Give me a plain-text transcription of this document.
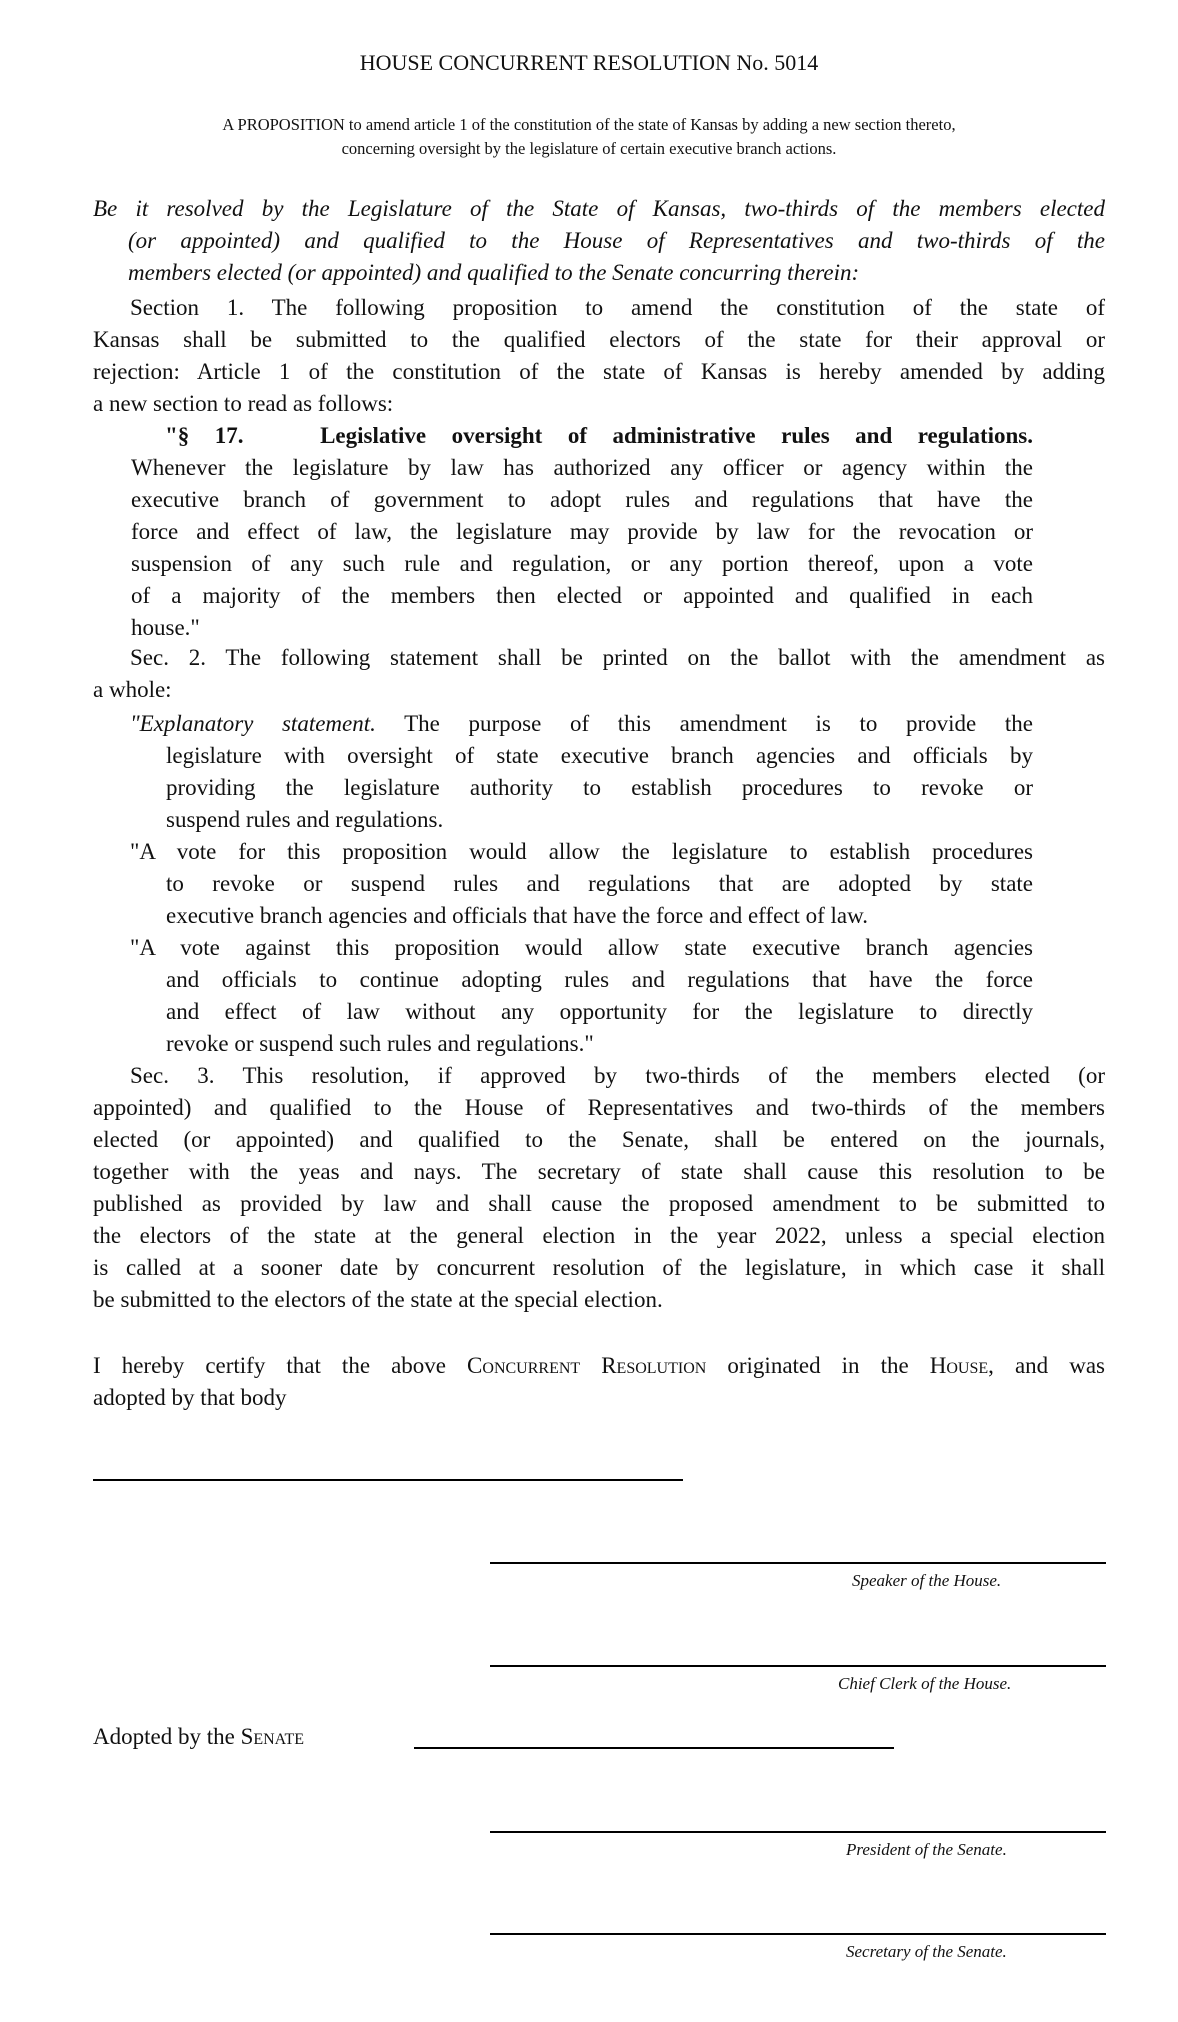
HOUSE CONCURRENT RESOLUTION No. 5014
A PROPOSITION to amend article 1 of the constitution of the state of Kansas by adding a new section thereto,
concerning oversight by the legislature of certain executive branch actions.
Be it resolved by the Legislature of the State of Kansas, two-thirds of the members elected
(or appointed) and qualified to the House of Representatives and two-thirds of the
members elected (or appointed) and qualified to the Senate concurring therein:
Section 1. The following proposition to amend the constitution of the state of
Kansas shall be submitted to the qualified electors of the state for their approval or
rejection: Article 1 of the constitution of the state of Kansas is hereby amended by adding
a new section to read as follows:
"§ 17.	Legislative oversight of administrative rules and regulations.
Whenever the legislature by law has authorized any officer or agency within the
executive branch of government to adopt rules and regulations that have the
force and effect of law, the legislature may provide by law for the revocation or
suspension of any such rule and regulation, or any portion thereof, upon a vote
of a majority of the members then elected or appointed and qualified in each
house."
Sec. 2. The following statement shall be printed on the ballot with the amendment as
a whole:
"Explanatory statement. The purpose of this amendment is to provide the
legislature with oversight of state executive branch agencies and officials by
providing the legislature authority to establish procedures to revoke or
suspend rules and regulations.
"A vote for this proposition would allow the legislature to establish procedures
to revoke or suspend rules and regulations that are adopted by state
executive branch agencies and officials that have the force and effect of law.
"A vote against this proposition would allow state executive branch agencies
and officials to continue adopting rules and regulations that have the force
and effect of law without any opportunity for the legislature to directly
revoke or suspend such rules and regulations."
Sec. 3. This resolution, if approved by two-thirds of the members elected (or
appointed) and qualified to the House of Representatives and two-thirds of the members
elected (or appointed) and qualified to the Senate, shall be entered on the journals,
together with the yeas and nays. The secretary of state shall cause this resolution to be
published as provided by law and shall cause the proposed amendment to be submitted to
the electors of the state at the general election in the year 2022, unless a special election
is called at a sooner date by concurrent resolution of the legislature, in which case it shall
be submitted to the electors of the state at the special election.
I hereby certify that the above Concurrent Resolution originated in the House, and was
adopted by that body
Speaker of the House.
Chief Clerk of the House.
Adopted by the Senate
President of the Senate.
Secretary of the Senate.
